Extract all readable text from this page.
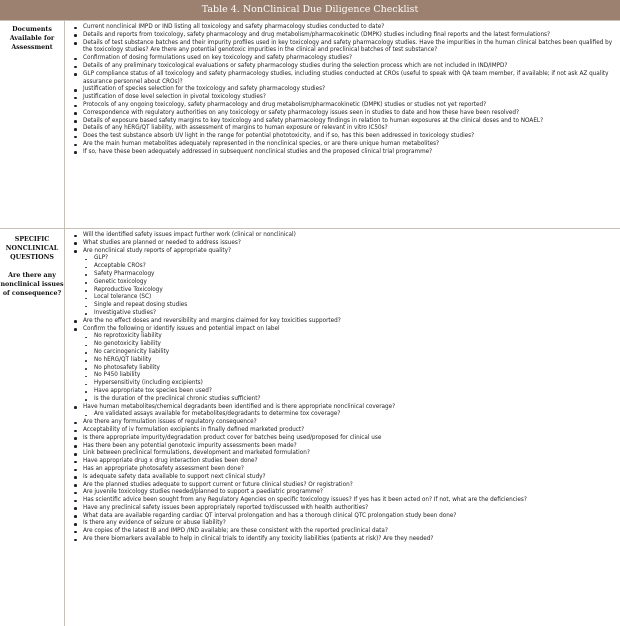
Table 4. NonClinical Due Diligence Checklist
Documents
Available for
Assessment
Current nonclinical IMPD or IND listing all toxicology and safety pharmacology studies conducted to date?
Details and reports from toxicology, safety pharmacology and drug metabolism/pharmacokinetic (DMPK) studies including final reports and the latest formulations?
Details of test substance batches and their impurity profiles used in key toxicology and safety pharmacology studies. Have the impurities in the human clinical batches been qualified by the toxicology studies? Are there any potential genotoxic impurities in the clinical and preclinical batches of test substance?
Confirmation of dosing formulations used on key toxicology and safety pharmacology studies?
Details of any preliminary toxicological evaluations or safety pharmacology studies during the selection process which are not included in IND/IMPD?
GLP compliance status of all toxicology and safety pharmacology studies, including studies conducted at CROs (useful to speak with QA team member, if available; if not ask AZ quality assurance personnel about CROs)?
Justification of species selection for the toxicology and safety pharmacology studies?
Justification of dose level selection in pivotal toxicology studies?
Protocols of any ongoing toxicology, safety pharmacology and drug metabolism/pharmacokinetic (DMPK) studies or studies not yet reported?
Correspondence with regulatory authorities on any toxicology or safety pharmacology issues seen in studies to date and how these have been resolved?
Details of exposure based safety margins to key toxicology and safety pharmacology findings in relation to human exposures at the clinical doses and to NOAEL?
Details of any hERG/QT liability, with assessment of margins to human exposure or relevant in vitro IC50s?
Does the test substance absorb UV light in the range for potential phototoxicity, and if so, has this been addressed in toxicology studies?
Are the main human metabolites adequately represented in the nonclinical species, or are there unique human metabolites?
If so, have these been adequately addressed in subsequent nonclinical studies and the proposed clinical trial programme?
SPECIFIC
NONCLINICAL
QUESTIONS

Are there any
nonclinical issues
of consequence?
Will the identified safety issues impact further work (clinical or nonclinical)
What studies are planned or needed to address issues?
Are nonclinical study reports of appropriate quality?
GLP?
Acceptable CROs?
Safety Pharmacology
Genetic toxicology
Reproductive Toxicology
Local tolerance (SC)
Single and repeat dosing studies
Investigative studies?
Are the no effect doses and reversibility and margins claimed for key toxicities supported?
Confirm the following or identify issues and potential impact on label
No reprotoxicity liability
No genotoxicity liability
No carcinogenicity liability
No hERG/QT liability
No photosafety liability
No P450 liability
Hypersensitivity (including excipients)
Have appropriate tox species been used?
Is the duration of the preclinical chronic studies sufficient?
Have human metabolites/chemical degradants been identified and is there appropriate nonclinical coverage?
Are validated assays available for metabolites/degradants to determine tox coverage?
Are there any formulation issues of regulatory consequence?
Acceptability of iv formulation excipients in finally defined marketed product?
Is there appropriate impurity/degradation product cover for batches being used/proposed for clinical use
Has there been any potential genotoxic impurity assessments been made?
Link between preclinical formulations, development and marketed formulation?
Have appropriate drug x drug interaction studies been done?
Has an appropriate photosafety assessment been done?
Is adequate safety data available to support next clinical study?
Are the planned studies adequate to support current or future clinical studies? Or registration?
Are juvenile toxicology studies needed/planned to support a paediatric programme?
Has scientific advice been sought from any Regulatory Agencies on specific toxicology issues? If yes has it been acted on? If not, what are the deficiencies?
Have any preclinical safety issues been appropriately reported to/discussed with health authorities?
What data are available regarding cardiac QT interval prolongation and has a thorough clinical QTC prolongation study been done?
Is there any evidence of seizure or abuse liability?
Are copies of the latest IB and IMPD /IND available; are these consistent with the reported preclinical data?
Are there biomarkers available to help in clinical trials to identify any toxicity liabilities (patients at risk)? Are they needed?
